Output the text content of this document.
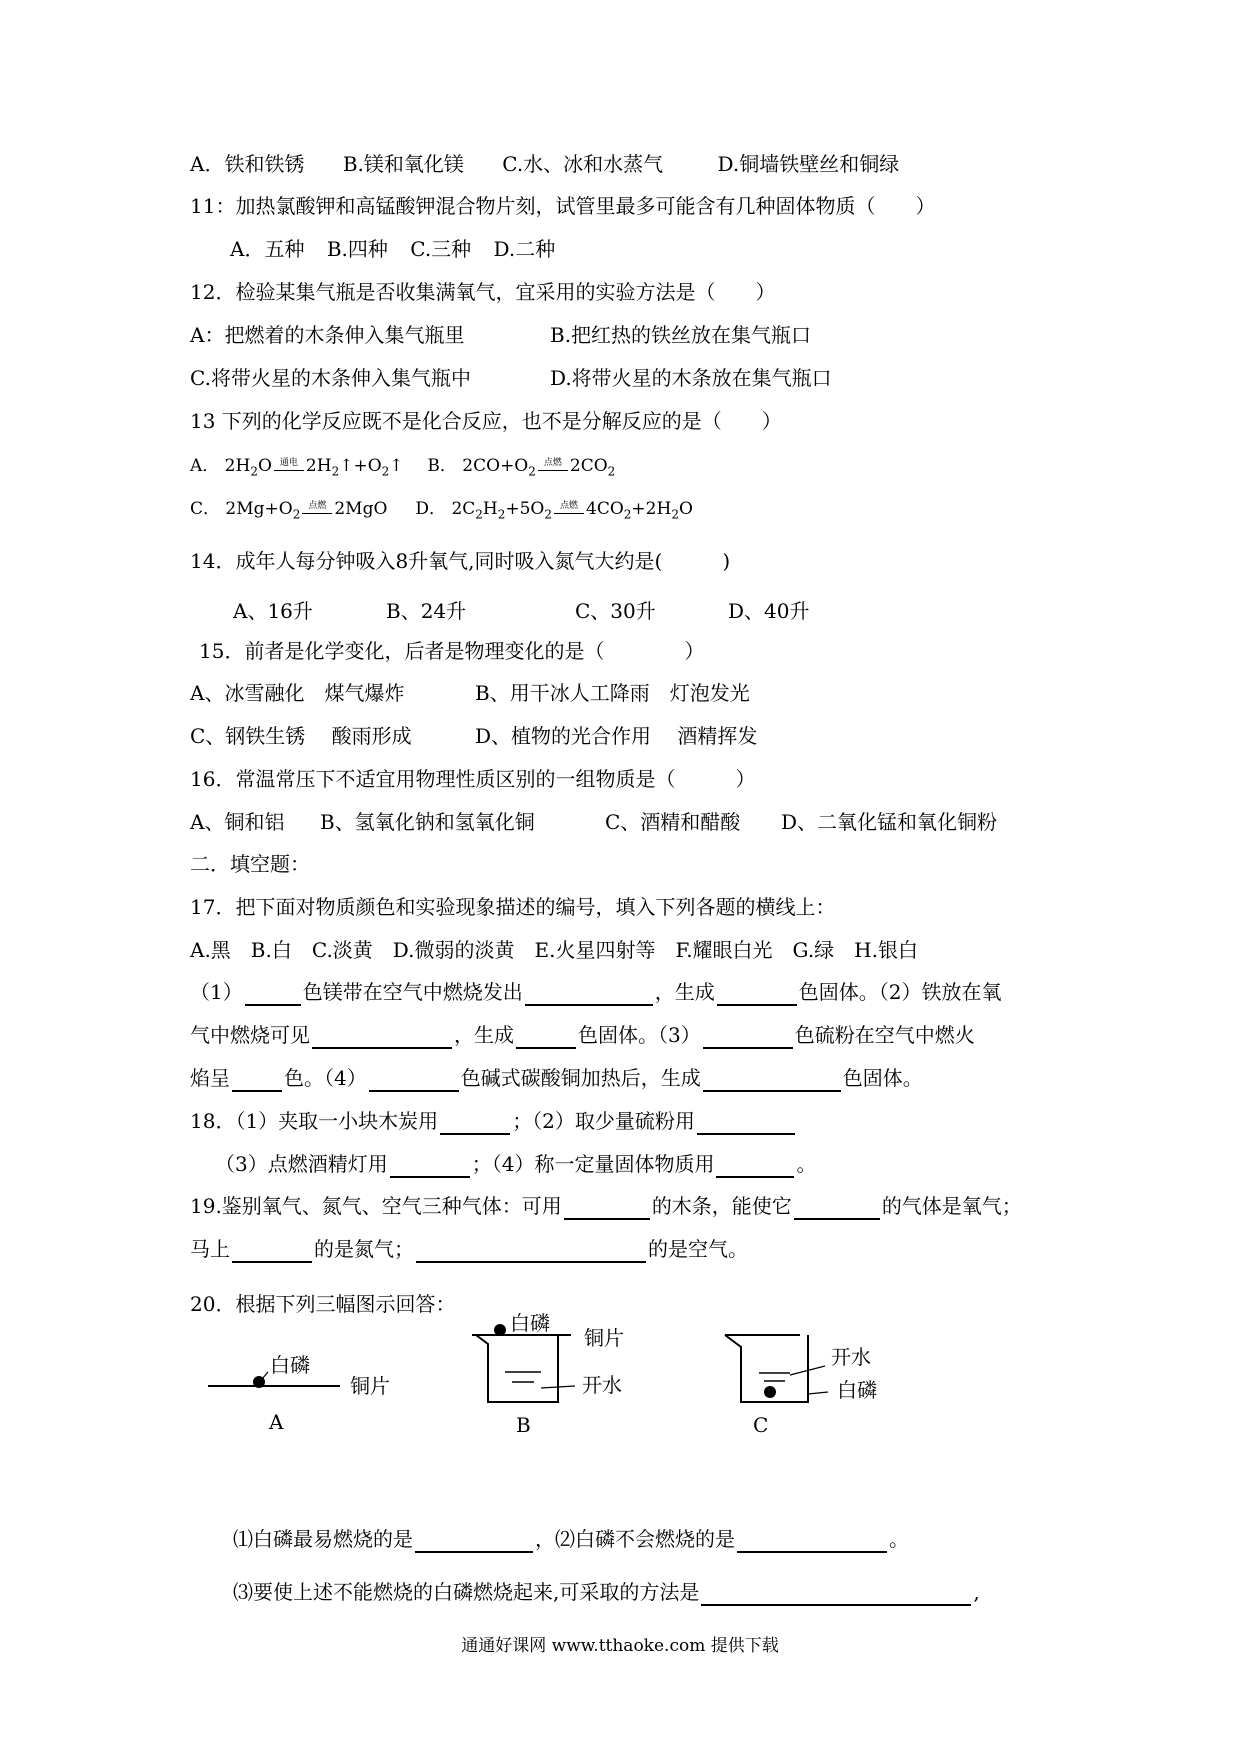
A．铁和铁锈 B.镁和氧化镁 C.水、冰和水蒸气	D.铜墙铁壁丝和铜绿
11：加热氯酸钾和高锰酸钾混合物片刻，试管里最多可能含有几种固体物质（　　）
A．五种 B.四种 C.三种 D.二种
12．检验某集气瓶是否收集满氧气，宜采用的实验方法是（　　）
A：把燃着的木条伸入集气瓶里	B.把红热的铁丝放在集气瓶口
C.将带火星的木条伸入集气瓶中	D.将带火星的木条放在集气瓶口
13 下列的化学反应既不是化合反应，也不是分解反应的是（　　）
A． $2H_2O$ 通电 $2H_2↑+O_2↑$ B． $2CO+O_2$点燃 $2CO_2$
C． $2Mg+O_2$点燃 2MgO D． $2C_2H_2+5O_2$点燃 $4CO_2+2H_2O$
14．成年人每分钟吸入8升氧气,同时吸入氮气大约是(　　　)
A、16升	B、24升	C、30升	D、40升
15．前者是化学变化，后者是物理变化的是（　　　　）
A、冰雪融化　煤气爆炸	B、用干冰人工降雨　灯泡发光
C、钢铁生锈　 酸雨形成	D、植物的光合作用　 酒精挥发
16．常温常压下不适宜用物理性质区别的一组物质是（　　　）
A、铜和铝 B、氢氧化钠和氢氧化铜	C、酒精和醋酸 D、二氧化锰和氧化铜粉
二．填空题：
17．把下面对物质颜色和实验现象描述的编号，填入下列各题的横线上：
A.黑　B.白　C.淡黄　D.微弱的淡黄　E.火星四射等　F.耀眼白光　G.绿　H.银白
（1）	色镁带在空气中燃烧发出	，生成	色固体。（2）铁放在氧
气中燃烧可见	，生成	色固体。（3）	色硫粉在空气中燃火
焰呈	色。（4）	色碱式碳酸铜加热后，生成	色固体。
18．（1）夹取一小块木炭用	；（2）取少量硫粉用
（3）点燃酒精灯用	；（4）称一定量固体物质用	。
19.鉴别氧气、氮气、空气三种气体：可用	的木条，能使它	的气体是氧气；
马上	的是氮气；	的是空气。
20．根据下列三幅图示回答：
白磷
铜片
A
白磷
铜片
开水
B
开水
白磷
C
⑴白磷最易燃烧的是	，⑵白磷不会燃烧的是	。
⑶要使上述不能燃烧的白磷燃烧起来,可采取的方法是	,
通通好课网 www.tthaoke.com 提供下载
